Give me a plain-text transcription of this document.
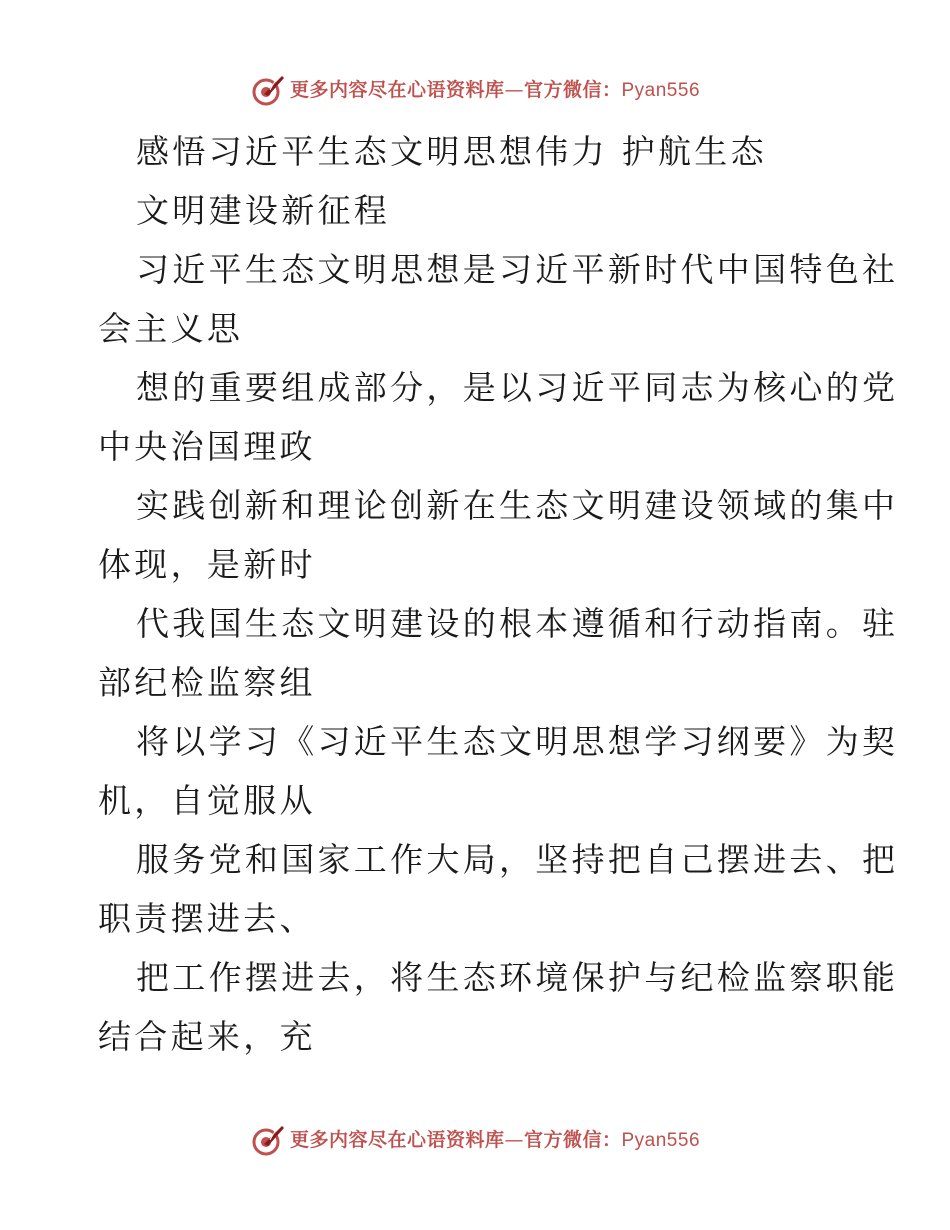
更多内容尽在心语资料库—官方微信：Pyan556
感悟习近平生态文明思想伟力 护航生态
文明建设新征程
习近平生态文明思想是习近平新时代中国特色社
会主义思
想的重要组成部分，是以习近平同志为核心的党
中央治国理政
实践创新和理论创新在生态文明建设领域的集中
体现，是新时
代我国生态文明建设的根本遵循和行动指南。驻
部纪检监察组
将以学习《习近平生态文明思想学习纲要》为契
机，自觉服从
服务党和国家工作大局，坚持把自己摆进去、把
职责摆进去、
把工作摆进去，将生态环境保护与纪检监察职能
结合起来，充
更多内容尽在心语资料库—官方微信：Pyan556
